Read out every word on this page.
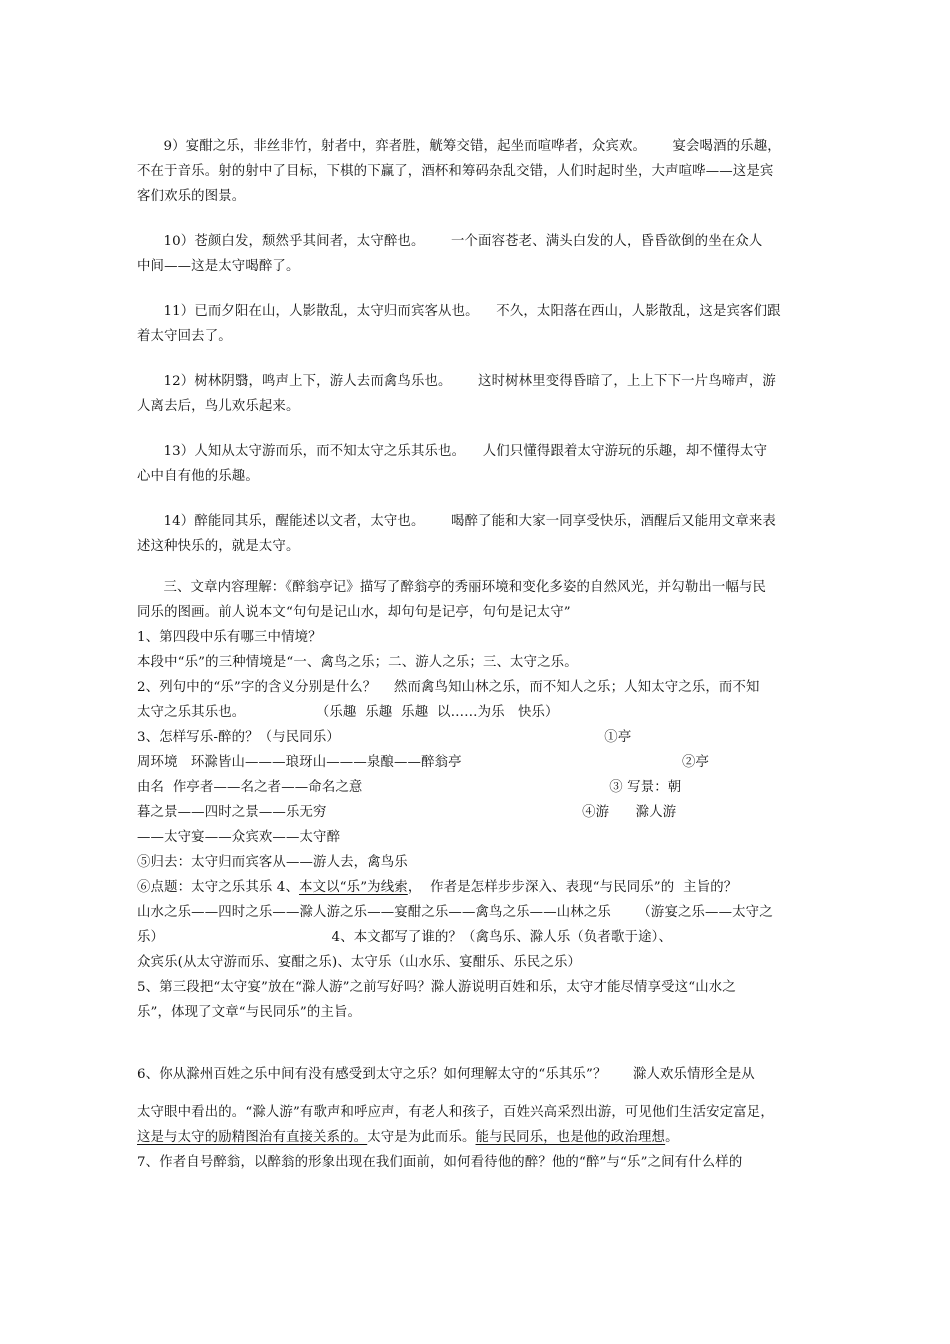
9）宴酣之乐，非丝非竹，射者中，弈者胜，觥筹交错，起坐而喧哗者，众宾欢。      宴会喝酒的乐趣，
不在于音乐。射的射中了目标，下棋的下赢了，酒杯和筹码杂乱交错，人们时起时坐，大声喧哗——这是宾
客们欢乐的图景。
10）苍颜白发，颓然乎其间者，太守醉也。      一个面容苍老、满头白发的人，昏昏欲倒的坐在众人
中间——这是太守喝醉了。
11）已而夕阳在山，人影散乱，太守归而宾客从也。    不久，太阳落在西山，人影散乱，这是宾客们跟
着太守回去了。
12）树林阴翳，鸣声上下，游人去而禽鸟乐也。      这时树林里变得昏暗了，上上下下一片鸟啼声，游
人离去后，鸟儿欢乐起来。
13）人知从太守游而乐，而不知太守之乐其乐也。    人们只懂得跟着太守游玩的乐趣，却不懂得太守
心中自有他的乐趣。
14）醉能同其乐，醒能述以文者，太守也。      喝醉了能和大家一同享受快乐，酒醒后又能用文章来表
述这种快乐的，就是太守。
三、文章内容理解：《醉翁亭记》描写了醉翁亭的秀丽环境和变化多姿的自然风光，并勾勒出一幅与民
同乐的图画。前人说本文“句句是记山水，却句句是记亭，句句是记太守”
1、第四段中乐有哪三中情境？
本段中“乐”的三种情境是“一、禽鸟之乐；二、游人之乐；三、太守之乐。
2、列句中的“乐”字的含义分别是什么？    然而禽鸟知山林之乐，而不知人之乐；人知太守之乐，而不知
太守之乐其乐也。                （乐趣  乐趣  乐趣  以……为乐   快乐）
3、怎样写乐-醉的？（与民同乐）                                                            ①亭
周环境   环滁皆山———琅玡山———泉酿——醉翁亭                                                  ②亭
由名  作亭者——名之者——命名之意                                                        ③ 写景：朝
暮之景——四时之景——乐无穷                                                          ④游      滁人游
——太守宴——众宾欢——太守醉
⑤归去：太守归而宾客从——游人去，禽鸟乐
⑥点题：太守之乐其乐 4、本文以“乐”为线索，  作者是怎样步步深入、表现“与民同乐”的  主旨的？
山水之乐——四时之乐——滁人游之乐——宴酣之乐——禽鸟之乐——山林之乐      （游宴之乐——太守之
乐）                                      4、本文都写了谁的？（禽鸟乐、滁人乐（负者歌于途）、
众宾乐(从太守游而乐、宴酣之乐)、太守乐（山水乐、宴酣乐、乐民之乐）
5、第三段把“太守宴”放在“滁人游”之前写好吗？滁人游说明百姓和乐，太守才能尽情享受这“山水之
乐”，体现了文章“与民同乐”的主旨。
6、你从滁州百姓之乐中间有没有感受到太守之乐？如何理解太守的“乐其乐”？      滁人欢乐情形全是从
太守眼中看出的。“滁人游”有歌声和呼应声，有老人和孩子，百姓兴高采烈出游，可见他们生活安定富足，
这是与太守的励精图治有直接关系的。太守是为此而乐。能与民同乐，也是他的政治理想。
7、作者自号醉翁，以醉翁的形象出现在我们面前，如何看待他的醉？他的“醉”与“乐”之间有什么样的
